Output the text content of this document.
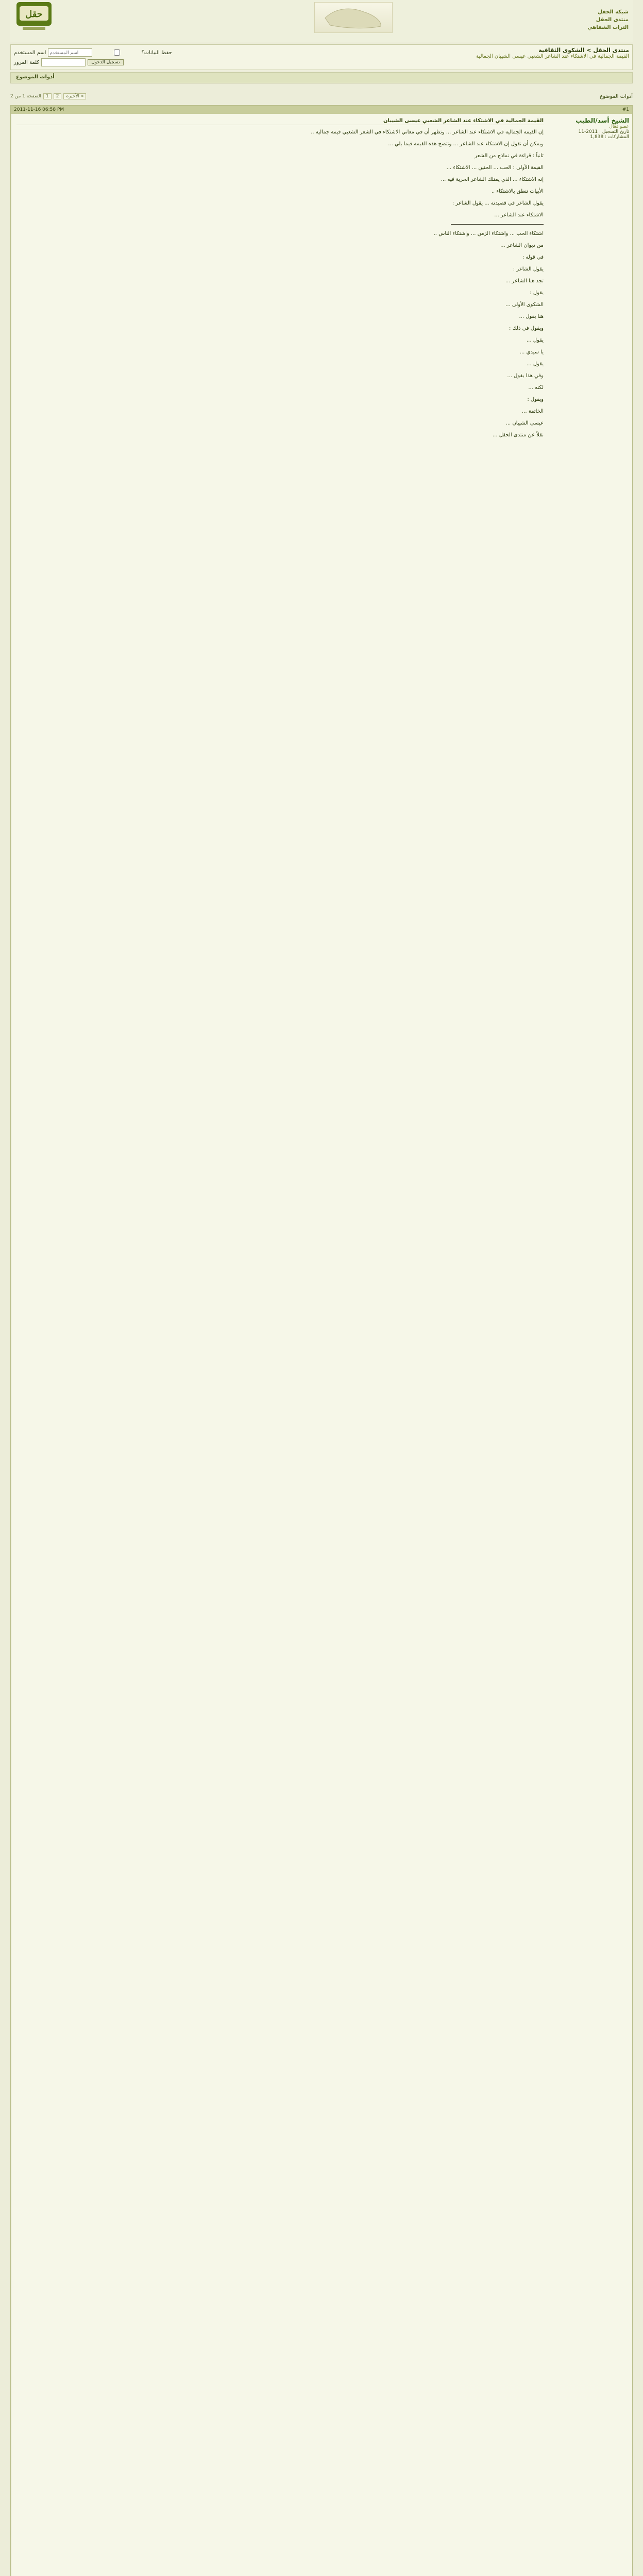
حقل	شبكة الحقل
منتدى الحقل
التراث الشفاهي
اسم المستخدم
اسم المستخدم	حفظ البيانات؟
كلمة المرور	تسجيل الدخول
منتدى الحقل > الشكوى الثقافية
القيمة الجمالية في الاشتكاء عند الشاعر الشعبي عيسى الشيبان الجمالية
أدوات الموضوع
الصفحة 1 من 2	1	2	الأخيرة «	أدوات الموضوع
2011-11-16 06:58 PM	#1
القيمة الجمالية في الاشتكاء عند الشاعر الشعبي عيسى الشيبان

إن القيمة الجمالية في الاشتكاء عند الشاعر ... وتظهر أن في معاني الاشتكاء في الشعر الشعبي قيمة جمالية ..

ويمكن أن نقول إن الاشتكاء عند الشاعر ... وتتضح هذه القيمة فيما يلي ...

ثانياً : قراءة في نماذج من الشعر

القيمة الأولى : الحب ... الحنين ... الاشتكاء ...

إنه الاشتكاء ... الذي يمتلك الشاعر الحرية فيه ...

الأبيات تنطق بالاشتكاء ..

يقول الشاعر في قصيدته ... يقول الشاعر :

الاشتكاء عند الشاعر ...

اشتكاء الحب ... واشتكاء الزمن ... واشتكاء الناس ..

من ديوان الشاعر ...

في قوله :

يقول الشاعر :

تجد هنا الشاعر ...

يقول :

الشكوى الأولى ...

هنا يقول ...

ويقول في ذلك :

يقول ...

يا سيدي ...

يقول ...

وفي هذا يقول ...

لكنه ...

ويقول :

الخاتمة ...

عيسى الشيبان ...

نقلاً عن منتدى الحقل ...

الشيخ أسد/الطيب
عضو فعّال
تاريخ التسجيل : 2011-11
المشاركات : 1,838
